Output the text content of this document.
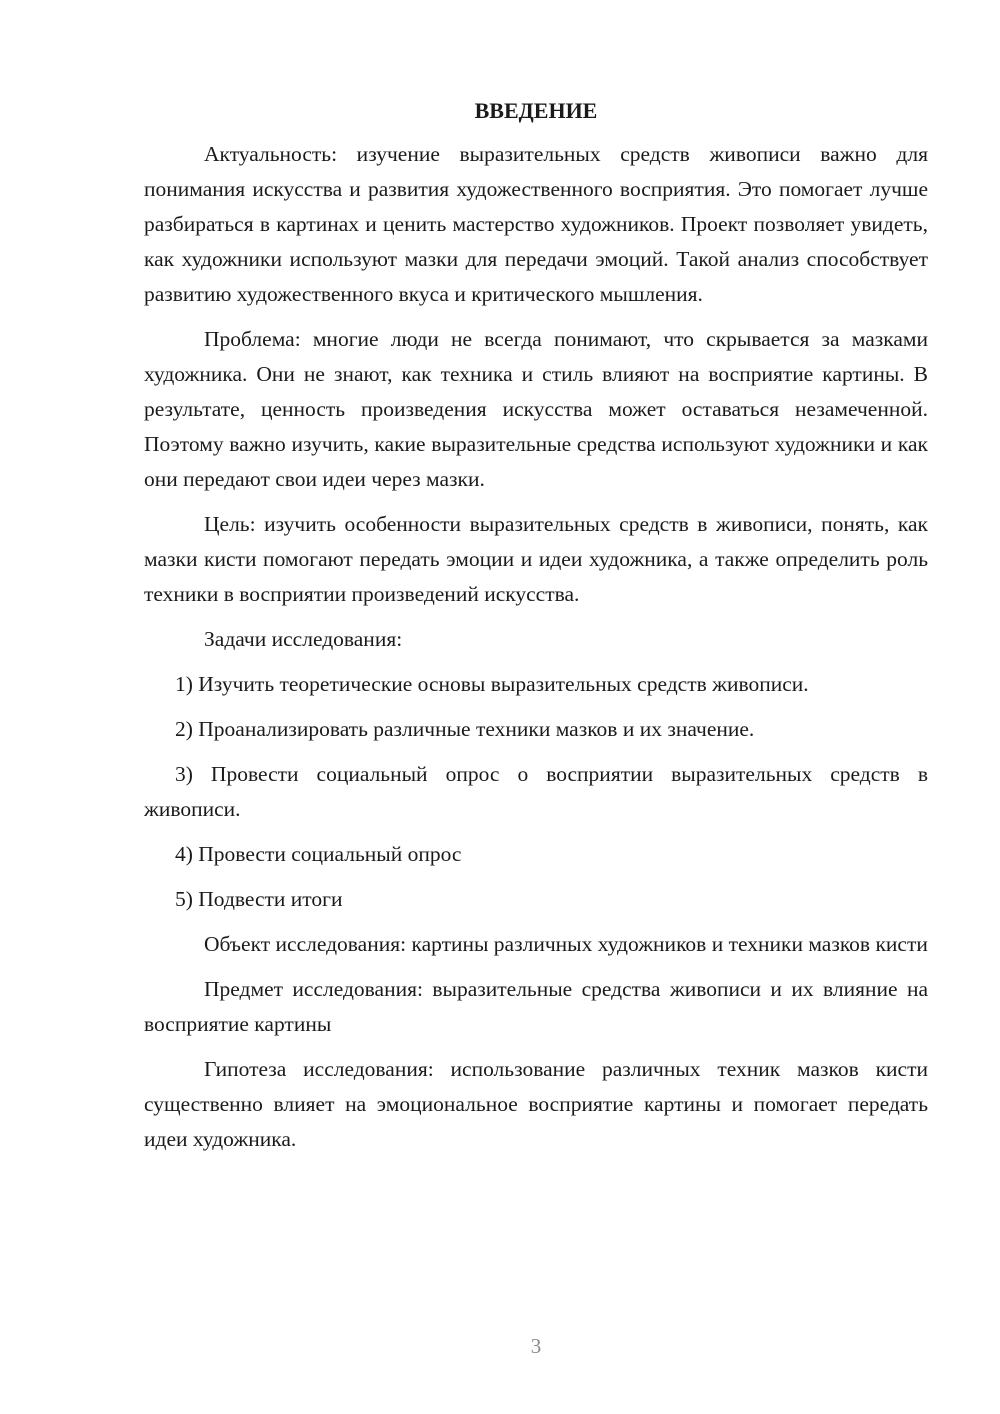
ВВЕДЕНИЕ

Актуальность: изучение выразительных средств живописи важно для понимания искусства и развития художественного восприятия. Это помогает лучше разбираться в картинах и ценить мастерство художников. Проект позволяет увидеть, как художники используют мазки для передачи эмоций. Такой анализ способствует развитию художественного вкуса и критического мышления.

Проблема: многие люди не всегда понимают, что скрывается за мазками художника. Они не знают, как техника и стиль влияют на восприятие картины. В результате, ценность произведения искусства может оставаться незамеченной. Поэтому важно изучить, какие выразительные средства используют художники и как они передают свои идеи через мазки.

Цель: изучить особенности выразительных средств в живописи, понять, как мазки кисти помогают передать эмоции и идеи художника, а также определить роль техники в восприятии произведений искусства.

Задачи исследования:

1) Изучить теоретические основы выразительных средств живописи.

2) Проанализировать различные техники мазков и их значение.

3) Провести социальный опрос о восприятии выразительных средств в живописи.

4) Провести социальный опрос

5) Подвести итоги

Объект исследования: картины различных художников и техники мазков кисти

Предмет исследования: выразительные средства живописи и их влияние на восприятие картины

Гипотеза исследования: использование различных техник мазков кисти существенно влияет на эмоциональное восприятие картины и помогает передать идеи художника.

3
